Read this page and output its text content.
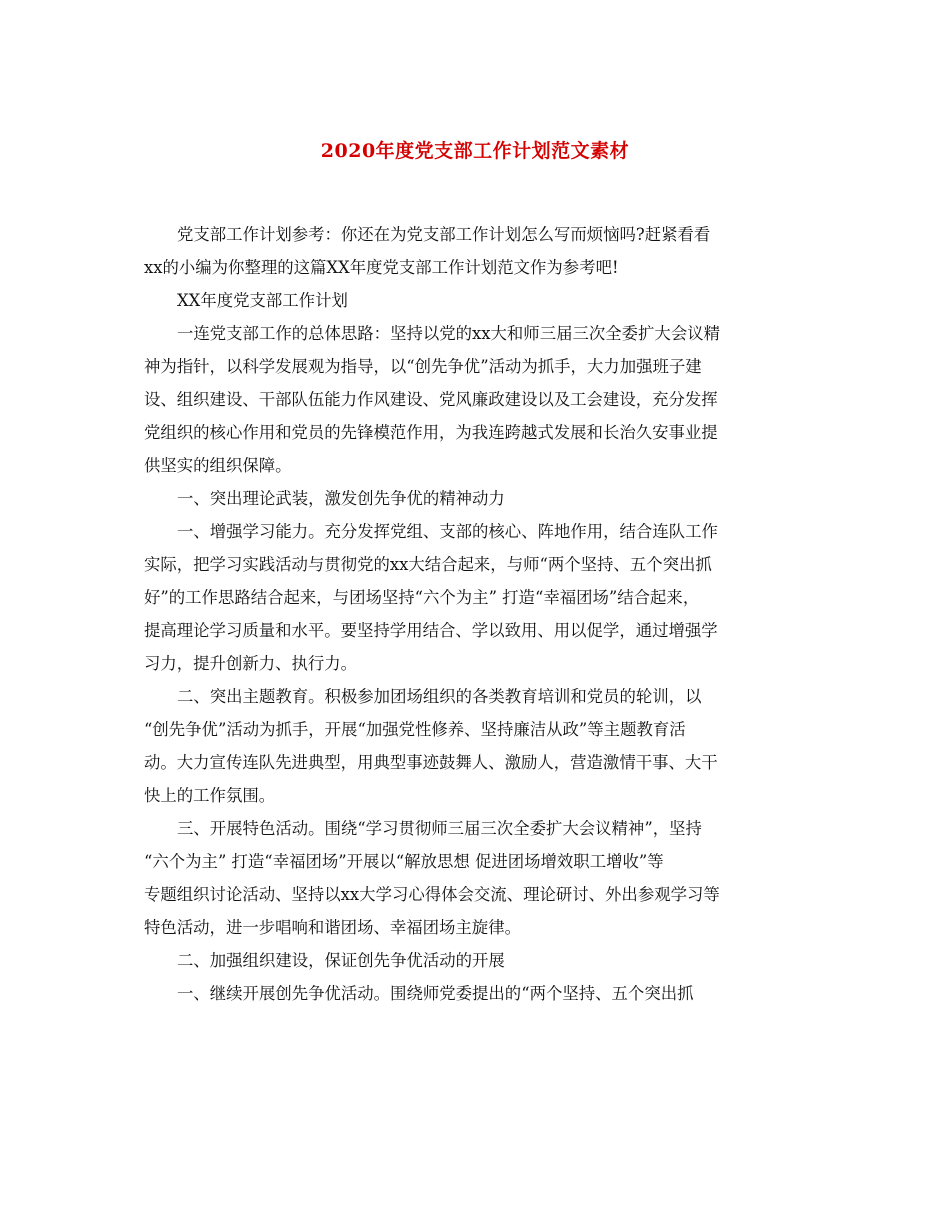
2020年度党支部工作计划范文素材
党支部工作计划参考：你还在为党支部工作计划怎么写而烦恼吗?赶紧看看
xx的小编为你整理的这篇XX年度党支部工作计划范文作为参考吧!
XX年度党支部工作计划
一连党支部工作的总体思路：坚持以党的xx大和师三届三次全委扩大会议精
神为指针，以科学发展观为指导，以“创先争优”活动为抓手，大力加强班子建
设、组织建设、干部队伍能力作风建设、党风廉政建设以及工会建设，充分发挥
党组织的核心作用和党员的先锋模范作用，为我连跨越式发展和长治久安事业提
供坚实的组织保障。
一、突出理论武装，激发创先争优的精神动力
一、增强学习能力。充分发挥党组、支部的核心、阵地作用，结合连队工作
实际，把学习实践活动与贯彻党的xx大结合起来，与师“两个坚持、五个突出抓
好”的工作思路结合起来，与团场坚持“六个为主” 打造“幸福团场”结合起来，
提高理论学习质量和水平。要坚持学用结合、学以致用、用以促学，通过增强学
习力，提升创新力、执行力。
二、突出主题教育。积极参加团场组织的各类教育培训和党员的轮训，以
“创先争优”活动为抓手，开展“加强党性修养、坚持廉洁从政”等主题教育活
动。大力宣传连队先进典型，用典型事迹鼓舞人、激励人，营造激情干事、大干
快上的工作氛围。
三、开展特色活动。围绕“学习贯彻师三届三次全委扩大会议精神”，坚持
“六个为主” 打造“幸福团场”开展以“解放思想 促进团场增效职工增收”等
专题组织讨论活动、坚持以xx大学习心得体会交流、理论研讨、外出参观学习等
特色活动，进一步唱响和谐团场、幸福团场主旋律。
二、加强组织建设，保证创先争优活动的开展
一、继续开展创先争优活动。围绕师党委提出的“两个坚持、五个突出抓
